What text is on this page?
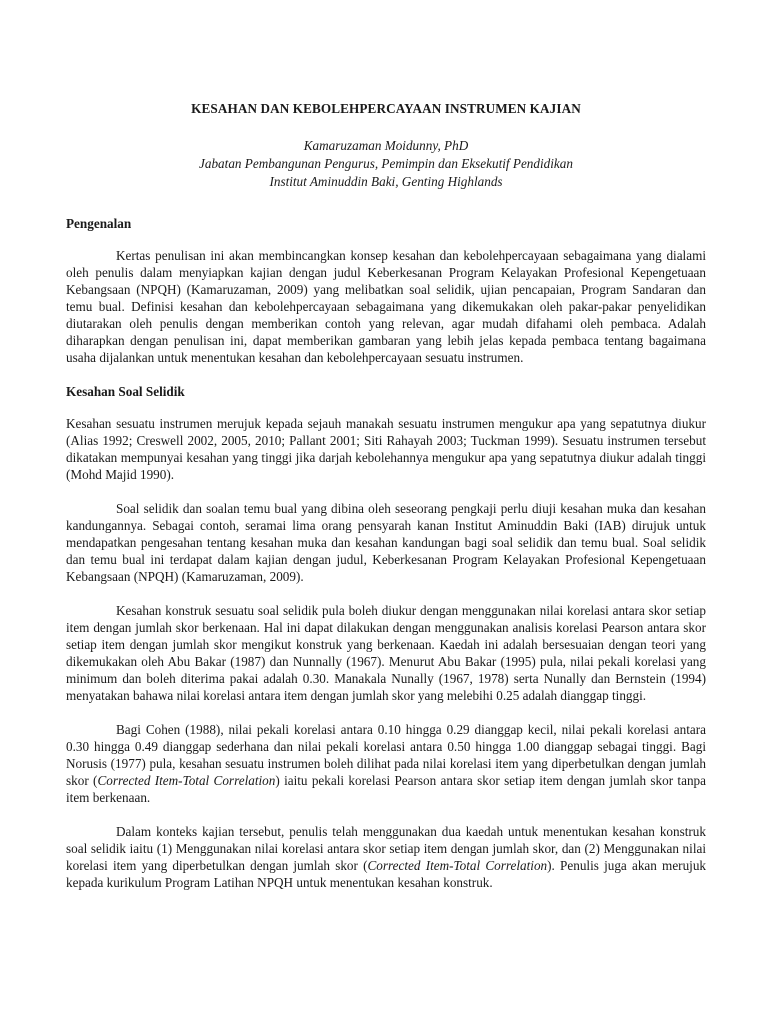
KESAHAN DAN KEBOLEHPERCAYAAN INSTRUMEN KAJIAN
Kamaruzaman Moidunny, PhD
Jabatan Pembangunan Pengurus, Pemimpin dan Eksekutif Pendidikan
Institut Aminuddin Baki, Genting Highlands
Pengenalan

Kertas penulisan ini akan membincangkan konsep kesahan dan kebolehpercayaan sebagaimana yang dialami oleh penulis dalam menyiapkan kajian dengan judul Keberkesanan Program Kelayakan Profesional Kepengetuaan Kebangsaan (NPQH) (Kamaruzaman, 2009) yang melibatkan soal selidik, ujian pencapaian, Program Sandaran dan temu bual. Definisi kesahan dan kebolehpercayaan sebagaimana yang dikemukakan oleh pakar-pakar penyelidikan diutarakan oleh penulis dengan memberikan contoh yang relevan, agar mudah difahami oleh pembaca. Adalah diharapkan dengan penulisan ini, dapat memberikan gambaran yang lebih jelas kepada pembaca tentang bagaimana usaha dijalankan untuk menentukan kesahan dan kebolehpercayaan sesuatu instrumen.

Kesahan Soal Selidik

Kesahan sesuatu instrumen merujuk kepada sejauh manakah sesuatu instrumen mengukur apa yang sepatutnya diukur (Alias 1992; Creswell 2002, 2005, 2010; Pallant 2001; Siti Rahayah 2003; Tuckman 1999). Sesuatu instrumen tersebut dikatakan mempunyai kesahan yang tinggi jika darjah kebolehannya mengukur apa yang sepatutnya diukur adalah tinggi (Mohd Majid 1990).

Soal selidik dan soalan temu bual yang dibina oleh seseorang pengkaji perlu diuji kesahan muka dan kesahan kandungannya. Sebagai contoh, seramai lima orang pensyarah kanan Institut Aminuddin Baki (IAB) dirujuk untuk mendapatkan pengesahan tentang kesahan muka dan kesahan kandungan bagi soal selidik dan temu bual. Soal selidik dan temu bual ini terdapat dalam kajian dengan judul, Keberkesanan Program Kelayakan Profesional Kepengetuaan Kebangsaan (NPQH) (Kamaruzaman, 2009).

Kesahan konstruk sesuatu soal selidik pula boleh diukur dengan menggunakan nilai korelasi antara skor setiap item dengan jumlah skor berkenaan. Hal ini dapat dilakukan dengan menggunakan analisis korelasi Pearson antara skor setiap item dengan jumlah skor mengikut konstruk yang berkenaan. Kaedah ini adalah bersesuaian dengan teori yang dikemukakan oleh Abu Bakar (1987) dan Nunnally (1967). Menurut Abu Bakar (1995) pula, nilai pekali korelasi yang minimum dan boleh diterima pakai adalah 0.30. Manakala Nunally (1967, 1978) serta Nunally dan Bernstein (1994) menyatakan bahawa nilai korelasi antara item dengan jumlah skor yang melebihi 0.25 adalah dianggap tinggi.

Bagi Cohen (1988), nilai pekali korelasi antara 0.10 hingga 0.29 dianggap kecil, nilai pekali korelasi antara 0.30 hingga 0.49 dianggap sederhana dan nilai pekali korelasi antara 0.50 hingga 1.00 dianggap sebagai tinggi. Bagi Norusis (1977) pula, kesahan sesuatu instrumen boleh dilihat pada nilai korelasi item yang diperbetulkan dengan jumlah skor (Corrected Item-Total Correlation) iaitu pekali korelasi Pearson antara skor setiap item dengan jumlah skor tanpa item berkenaan.

Dalam konteks kajian tersebut, penulis telah menggunakan dua kaedah untuk menentukan kesahan konstruk soal selidik iaitu (1) Menggunakan nilai korelasi antara skor setiap item dengan jumlah skor, dan (2) Menggunakan nilai korelasi item yang diperbetulkan dengan jumlah skor (Corrected Item-Total Correlation). Penulis juga akan merujuk kepada kurikulum Program Latihan NPQH untuk menentukan kesahan konstruk.
